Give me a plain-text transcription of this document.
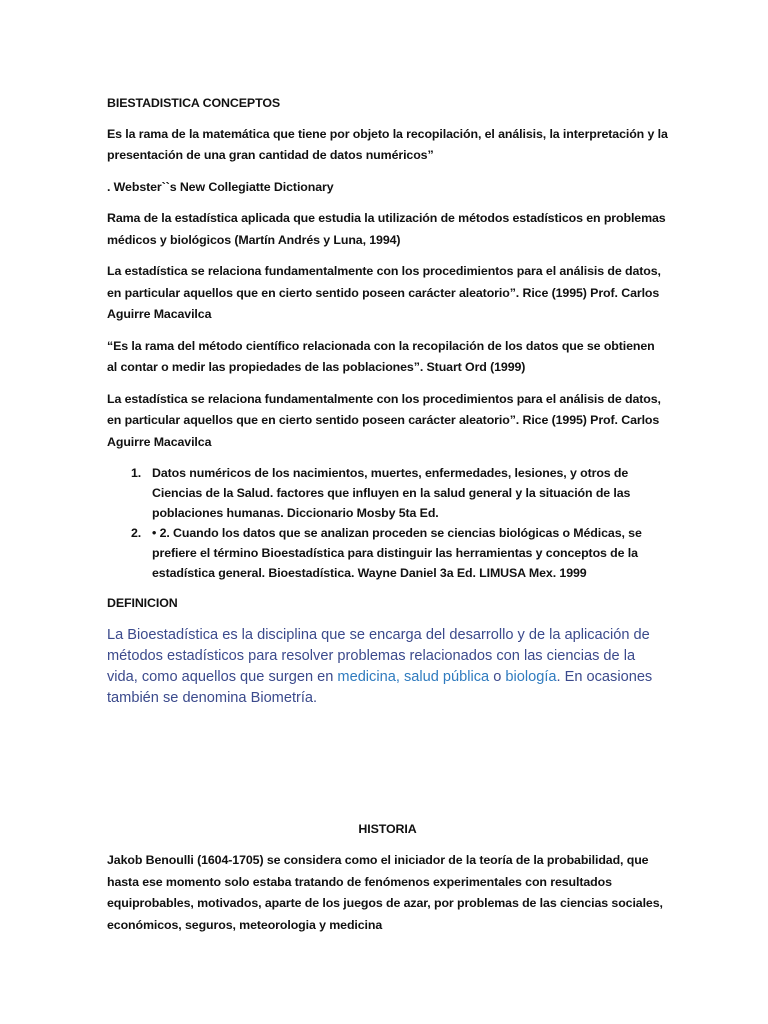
BIESTADISTICA CONCEPTOS

Es la rama de la matemática que tiene por objeto la recopilación, el análisis, la interpretación y la presentación de una gran cantidad de datos numéricos”

. Webster``s New Collegiatte Dictionary

Rama de la estadística aplicada que estudia la utilización de métodos estadísticos en problemas médicos y biológicos (Martín Andrés y Luna, 1994)

La estadística se relaciona fundamentalmente con los procedimientos para el análisis de datos, en particular aquellos que en cierto sentido poseen carácter aleatorio”. Rice (1995) Prof. Carlos Aguirre Macavilca

“Es la rama del método científico relacionada con la recopilación de los datos que se obtienen al contar o medir las propiedades de las poblaciones”. Stuart Ord (1999)

La estadística se relaciona fundamentalmente con los procedimientos para el análisis de datos, en particular aquellos que en cierto sentido poseen carácter aleatorio”. Rice (1995) Prof. Carlos Aguirre Macavilca

1. Datos numéricos de los nacimientos, muertes, enfermedades, lesiones, y otros de Ciencias de la Salud. factores que influyen en la salud general y la situación de las poblaciones humanas. Diccionario Mosby 5ta Ed.
2. • 2. Cuando los datos que se analizan proceden se ciencias biológicas o Médicas, se prefiere el término Bioestadística para distinguir las herramientas y conceptos de la estadística general. Bioestadística. Wayne Daniel 3a Ed. LIMUSA Mex. 1999

DEFINICION

La Bioestadística es la disciplina que se encarga del desarrollo y de la aplicación de métodos estadísticos para resolver problemas relacionados con las ciencias de la vida, como aquellos que surgen en medicina, salud pública o biología. En ocasiones también se denomina Biometría.

HISTORIA

Jakob Benoulli (1604-1705) se considera como el iniciador de la teoría de la probabilidad, que hasta ese momento solo estaba tratando de fenómenos experimentales con resultados equiprobables, motivados, aparte de los juegos de azar, por problemas de las ciencias sociales, económicos, seguros, meteorologia y medicina
